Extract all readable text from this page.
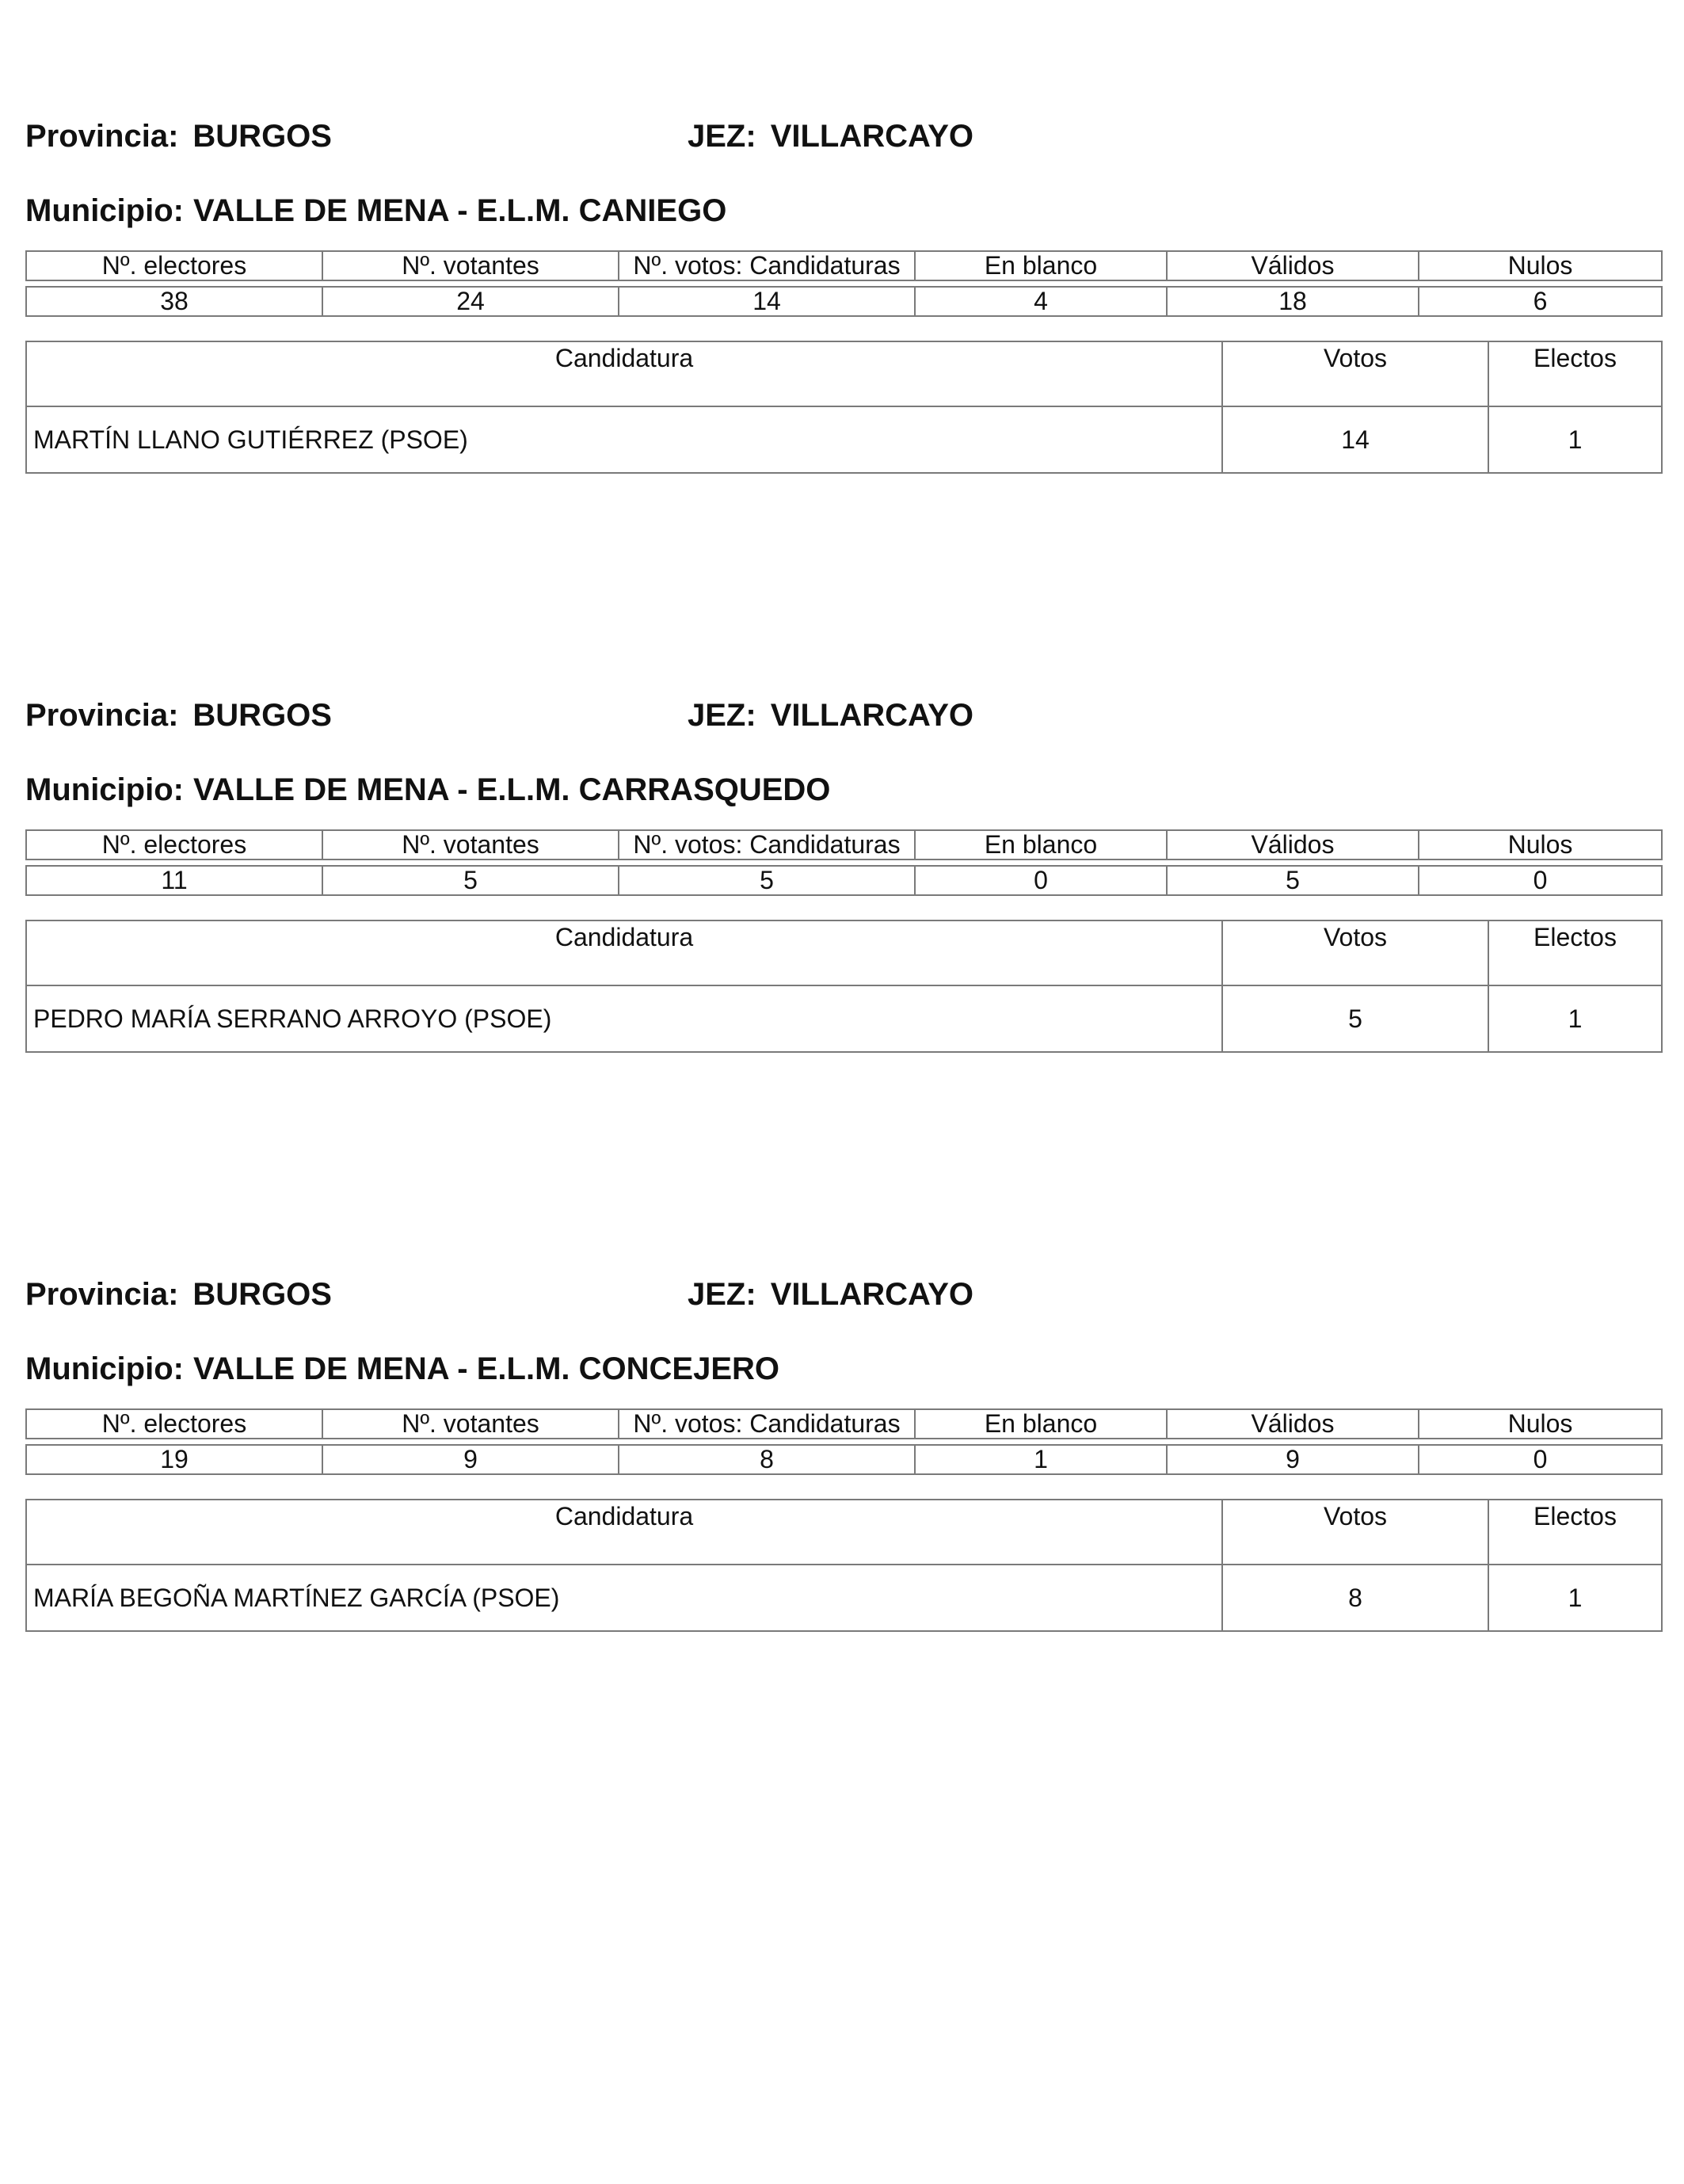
Provincia: BURGOS	JEZ: VILLARCAYO
Municipio: VALLE DE MENA - E.L.M. CANIEGO
Nº. electores	Nº. votantes	Nº. votos: Candidaturas	En blanco	Válidos	Nulos

38	24	14	4	18	6
Candidatura	Votos	Electos
MARTÍN LLANO GUTIÉRREZ (PSOE)	14	1
Provincia: BURGOS	JEZ: VILLARCAYO
Municipio: VALLE DE MENA - E.L.M. CARRASQUEDO
Nº. electores	Nº. votantes	Nº. votos: Candidaturas	En blanco	Válidos	Nulos

11	5	5	0	5	0
Candidatura	Votos	Electos
PEDRO MARÍA SERRANO ARROYO (PSOE)	5	1
Provincia: BURGOS	JEZ: VILLARCAYO
Municipio: VALLE DE MENA - E.L.M. CONCEJERO
Nº. electores	Nº. votantes	Nº. votos: Candidaturas	En blanco	Válidos	Nulos

19	9	8	1	9	0
Candidatura	Votos	Electos
MARÍA BEGOÑA MARTÍNEZ GARCÍA (PSOE)	8	1
